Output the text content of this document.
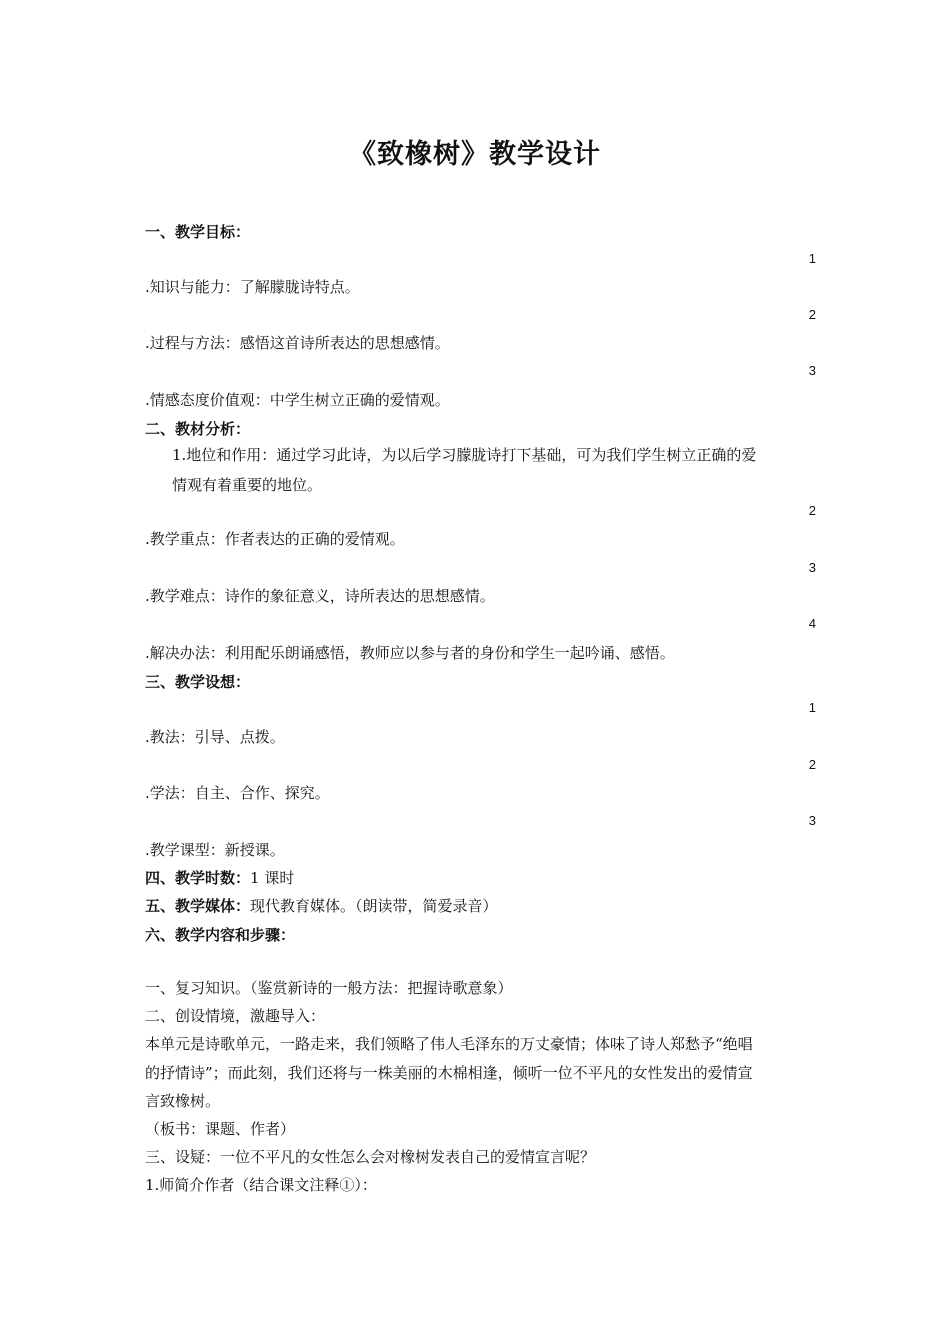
《致橡树》教学设计
一、教学目标：
1
.知识与能力：了解朦胧诗特点。
2
.过程与方法：感悟这首诗所表达的思想感情。
3
.情感态度价值观：中学生树立正确的爱情观。
二、教材分析：
1.地位和作用：通过学习此诗，为以后学习朦胧诗打下基础，可为我们学生树立正确的爱
情观有着重要的地位。
2
.教学重点：作者表达的正确的爱情观。
3
.教学难点：诗作的象征意义，诗所表达的思想感情。
4
.解决办法：利用配乐朗诵感悟，教师应以参与者的身份和学生一起吟诵、感悟。
三、教学设想：
1
.教法：引导、点拨。
2
.学法：自主、合作、探究。
3
.教学课型：新授课。
四、教学时数：1 课时
五、教学媒体：现代教育媒体。（朗读带，简爱录音）
六、教学内容和步骤：
一、复习知识。（鉴赏新诗的一般方法：把握诗歌意象）
二、创设情境，激趣导入：
本单元是诗歌单元，一路走来，我们领略了伟人毛泽东的万丈豪情；体味了诗人郑愁予“绝唱
的抒情诗”；而此刻，我们还将与一株美丽的木棉相逢，倾听一位不平凡的女性发出的爱情宣
言致橡树。
（板书：课题、作者）
三、设疑：一位不平凡的女性怎么会对橡树发表自己的爱情宣言呢？
1.师简介作者（结合课文注释①）：
